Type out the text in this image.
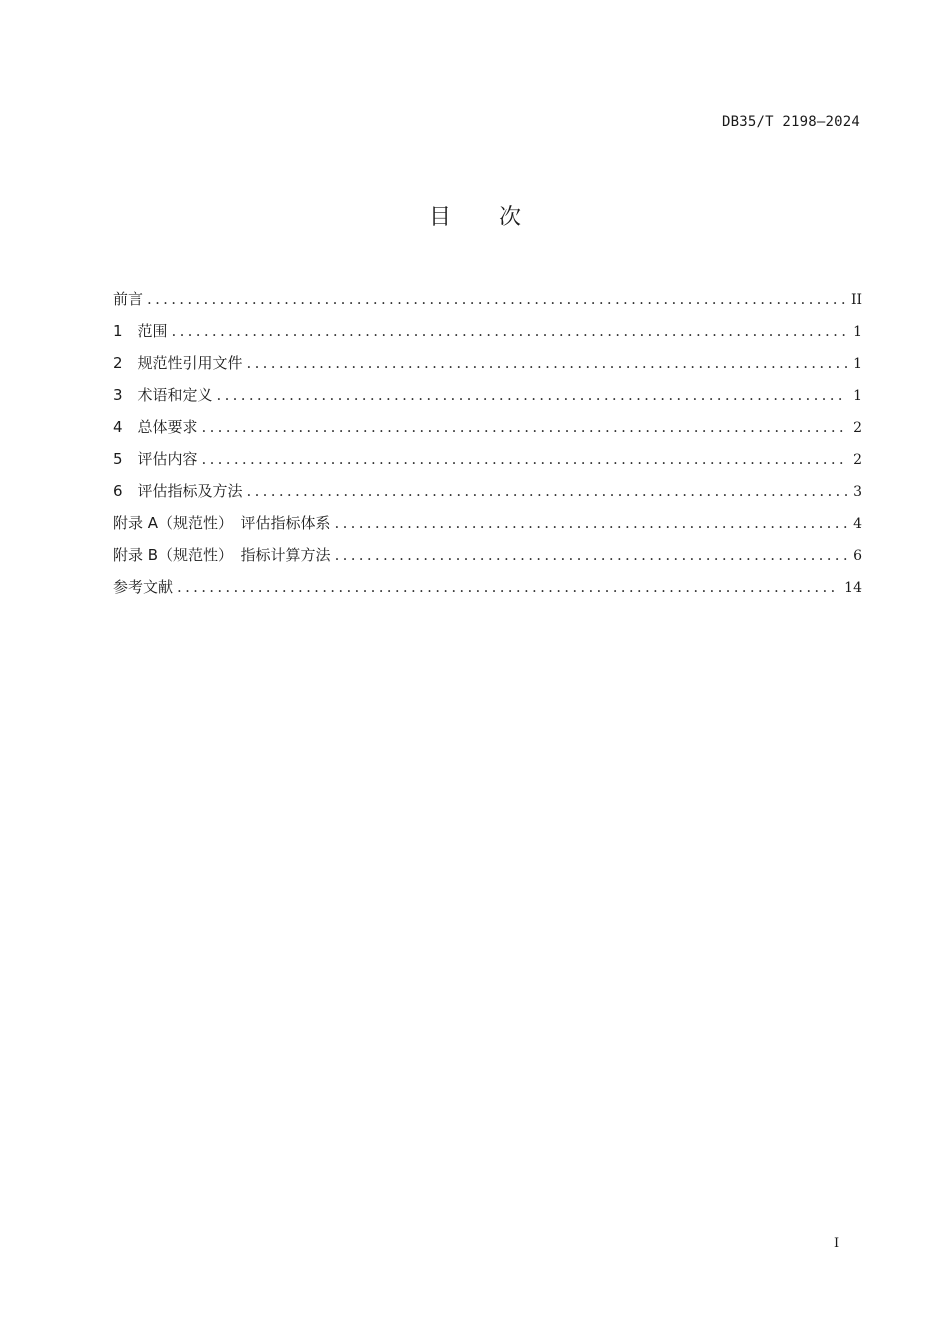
DB35/T 2198—2024
目次
前言 .....	II
1　范围 .....	1
2　规范性引用文件 .....	1
3　术语和定义 .....	1
4　总体要求 .....	2
5　评估内容 .....	2
6　评估指标及方法 .....	3
附录 A（规范性）　评估指标体系 .....	4
附录 B（规范性）　指标计算方法 .....	6
参考文献 .....	14
I
